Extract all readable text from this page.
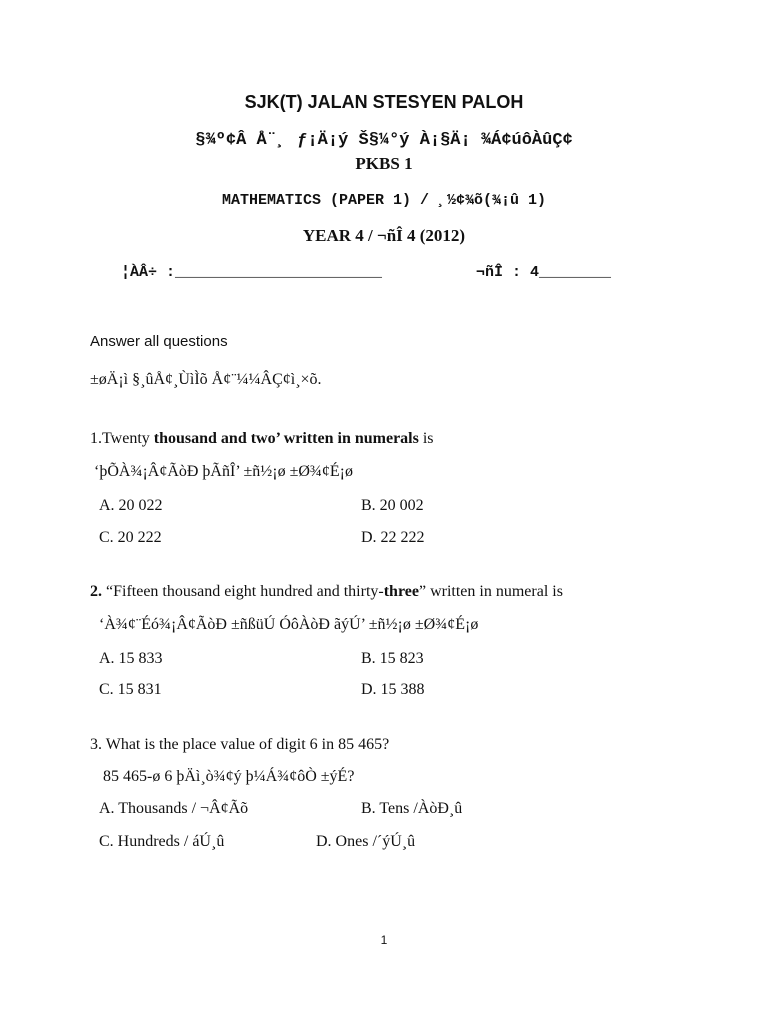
SJK(T) JALAN STESYEN PALOH
§¾º¢Â Å¨¸ ƒ¡Ä¡ý Š§¼°ý À¡§Ä¡ ¾Á¢úôÀûÇ¢
PKBS 1
MATHEMATICS (PAPER 1) / ¸½¢¾õ(¾¡û 1)
YEAR 4 / ¬ñÎ 4 (2012)
¦ÀÂ÷ :_______________________	¬ñÎ : 4________
Answer all questions
±øÄ¡ì §¸ûÅ¢¸ÙìÌõ Å¢¨¼¼ÂÇ¢ì¸×õ.
1.Twenty thousand and two’ written in numerals is
‘þÕÀ¾¡Â¢ÃòÐ þÃñÎ’ ±ñ½¡ø ±Ø¾¢É¡ø
A. 20 022	B. 20 002
C. 20 222	D. 22 222
2. “Fifteen thousand eight hundred and thirty-three” written in numeral is
‘À¾¢¨Éó¾¡Â¢ÃòÐ ±ñßüÚ ÓôÀòÐ ãýÚ’ ±ñ½¡ø ±Ø¾¢É¡ø
A. 15 833	B. 15 823
C. 15 831	D. 15 388
3. What is the place value of digit 6 in 85 465?
85 465-ø 6 þÄì¸ò¾¢ý þ¼Á¾¢ôÒ ±ýÉ?
A. Thousands / ¬Â¢Ãõ	B. Tens /ÀòÐ¸û
C. Hundreds / áÚ¸û	D. Ones /´ýÚ¸û
1
